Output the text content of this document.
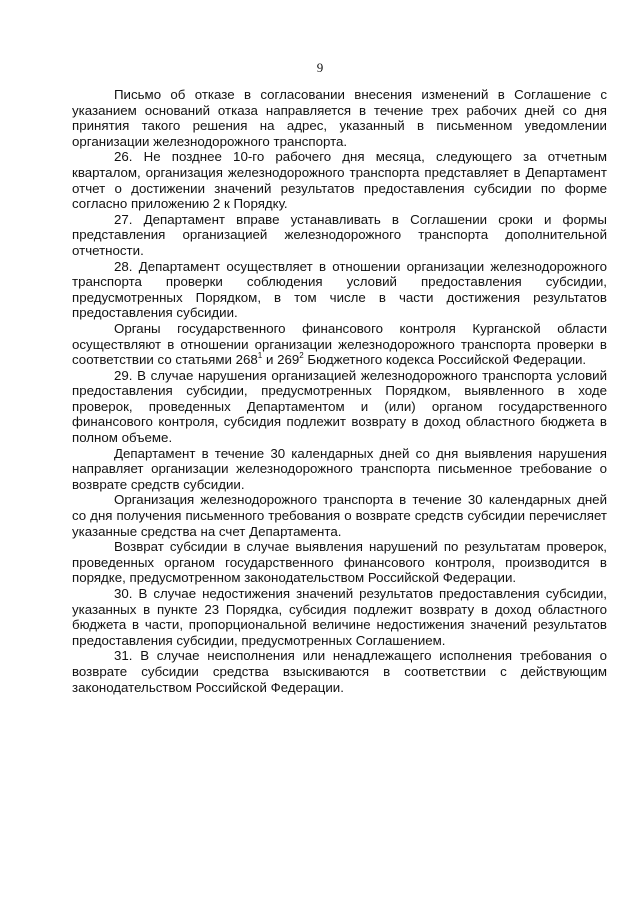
9

Письмо об отказе в согласовании внесения изменений в Соглашение с указанием оснований отказа направляется в течение трех рабочих дней со дня принятия такого решения на адрес, указанный в письменном уведомлении организации железнодорожного транспорта.

26. Не позднее 10-го рабочего дня месяца, следующего за отчетным кварталом, организация железнодорожного транспорта представляет в Департамент отчет о достижении значений результатов предоставления субсидии по форме согласно приложению 2 к Порядку.

27. Департамент вправе устанавливать в Соглашении сроки и формы представления организацией железнодорожного транспорта дополнительной отчетности.

28. Департамент осуществляет в отношении организации железнодорожного транспорта проверки соблюдения условий предоставления субсидии, предусмотренных Порядком, в том числе в части достижения результатов предоставления субсидии.

Органы государственного финансового контроля Курганской области осуществляют в отношении организации железнодорожного транспорта проверки в соответствии со статьями $268^1$ и $269^2$ Бюджетного кодекса Российской Федерации.

29. В случае нарушения организацией железнодорожного транспорта условий предоставления субсидии, предусмотренных Порядком, выявленного в ходе проверок, проведенных Департаментом и (или) органом государственного финансового контроля, субсидия подлежит возврату в доход областного бюджета в полном объеме.

Департамент в течение 30 календарных дней со дня выявления нарушения направляет организации железнодорожного транспорта письменное требование о возврате средств субсидии.

Организация железнодорожного транспорта в течение 30 календарных дней со дня получения письменного требования о возврате средств субсидии перечисляет указанные средства на счет Департамента.

Возврат субсидии в случае выявления нарушений по результатам проверок, проведенных органом государственного финансового контроля, производится в порядке, предусмотренном законодательством Российской Федерации.

30. В случае недостижения значений результатов предоставления субсидии, указанных в пункте 23 Порядка, субсидия подлежит возврату в доход областного бюджета в части, пропорциональной величине недостижения значений результатов предоставления субсидии, предусмотренных Соглашением.

31. В случае неисполнения или ненадлежащего исполнения требования о возврате субсидии средства взыскиваются в соответствии с действующим законодательством Российской Федерации.
